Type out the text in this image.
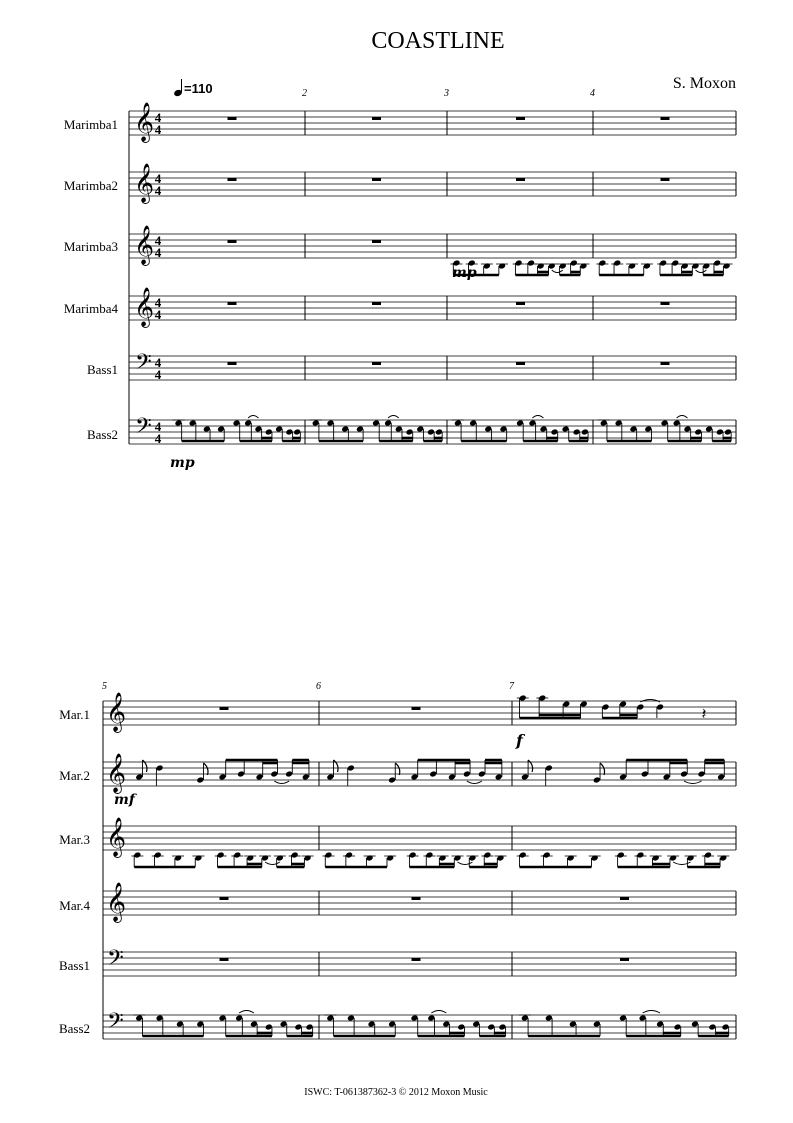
COASTLINE
S. Moxon
=110
Marimba1
Marimba2
Marimba3
Marimba4
Bass1
Bass2
2	3	4
Mar.1
Mar.2
Mar.3
Mar.4
Bass1
Bass2
5	6	7
mp
mp
f
mf
ISWC: T-061387362-3 © 2012 Moxon Music
𝄞 4
4
𝄞 4
4
𝄞 4
4
𝄞 4
4
𝄢 4
4
𝄢 4
4
𝄞	𝄽
𝄞
𝄞
𝄞
𝄢
𝄢
